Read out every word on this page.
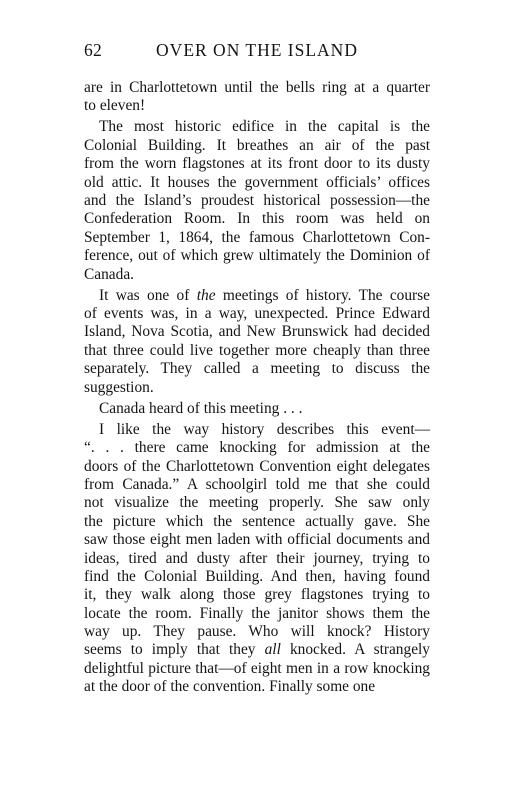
62	OVER ON THE ISLAND
are in Charlottetown until the bells ring at a quarter
to eleven!
The most historic edifice in the capital is the
Colonial Building. It breathes an air of the past
from the worn flagstones at its front door to its dusty
old attic. It houses the government officials’ offices
and the Island’s proudest historical possession—the
Confederation Room. In this room was held on
September 1, 1864, the famous Charlottetown Con-
ference, out of which grew ultimately the Dominion of
Canada.
It was one of the meetings of history. The course
of events was, in a way, unexpected. Prince Edward
Island, Nova Scotia, and New Brunswick had decided
that three could live together more cheaply than three
separately. They called a meeting to discuss the
suggestion.
Canada heard of this meeting . . .
I like the way history describes this event—
“. . . there came knocking for admission at the
doors of the Charlottetown Convention eight delegates
from Canada.” A schoolgirl told me that she could
not visualize the meeting properly. She saw only
the picture which the sentence actually gave. She
saw those eight men laden with official documents and
ideas, tired and dusty after their journey, trying to
find the Colonial Building. And then, having found
it, they walk along those grey flagstones trying to
locate the room. Finally the janitor shows them the
way up. They pause. Who will knock? History
seems to imply that they all knocked. A strangely
delightful picture that—of eight men in a row knocking
at the door of the convention. Finally some one
